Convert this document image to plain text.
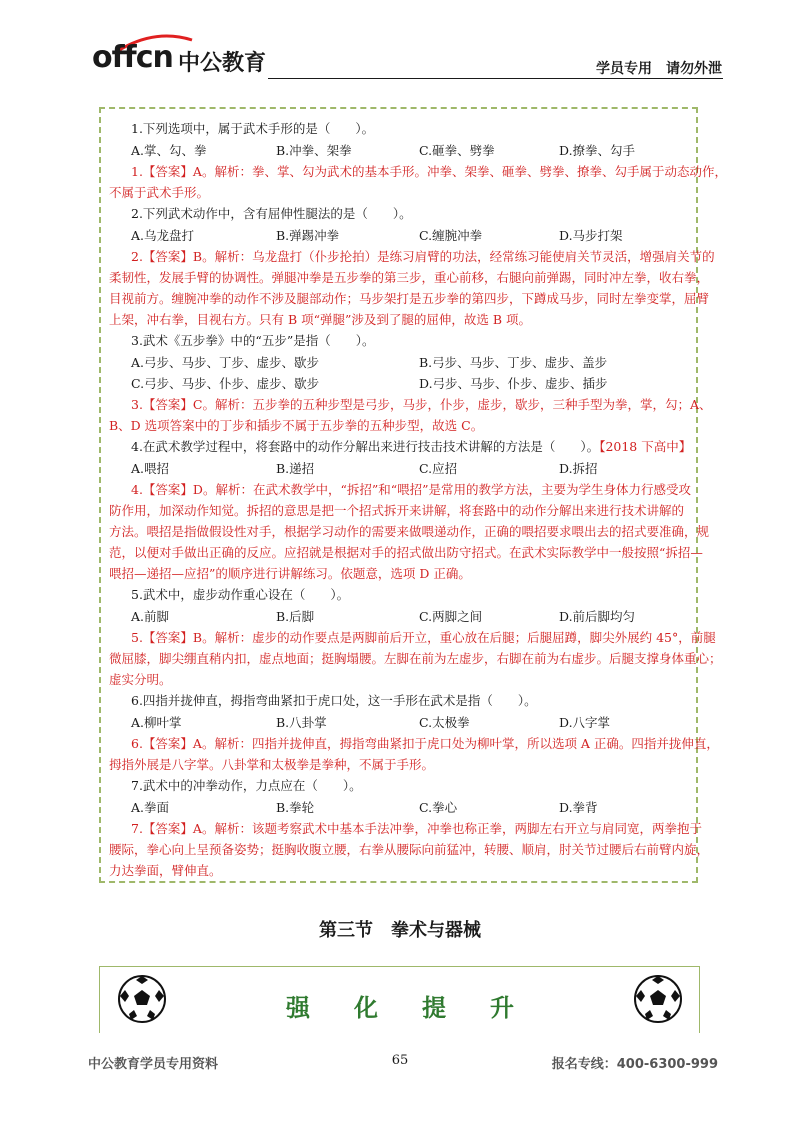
offcn 中公教育	学员专用　请勿外泄
1.下列选项中，属于武术手形的是（　　）。
A.掌、勾、拳	B.冲拳、架拳	C.砸拳、劈拳	D.撩拳、勾手
1.【答案】A。解析：拳、掌、勾为武术的基本手形。冲拳、架拳、砸拳、劈拳、撩拳、勾手属于动态动作，
不属于武术手形。
2.下列武术动作中，含有屈伸性腿法的是（　　）。
A.乌龙盘打	B.弹踢冲拳	C.缠腕冲拳	D.马步打架
2.【答案】B。解析：乌龙盘打（仆步抡拍）是练习肩臂的功法，经常练习能使肩关节灵活，增强肩关节的
柔韧性，发展手臂的协调性。弹腿冲拳是五步拳的第三步，重心前移，右腿向前弹踢，同时冲左拳，收右拳，
目视前方。缠腕冲拳的动作不涉及腿部动作；马步架打是五步拳的第四步，下蹲成马步，同时左拳变掌，屈臂
上架，冲右拳，目视右方。只有 B 项“弹腿”涉及到了腿的屈伸，故选 B 项。
3.武术《五步拳》中的“五步”是指（　　）。
A.弓步、马步、丁步、虚步、歇步	B.弓步、马步、丁步、虚步、盖步
C.弓步、马步、仆步、虚步、歇步	D.弓步、马步、仆步、虚步、插步
3.【答案】C。解析：五步拳的五种步型是弓步，马步，仆步，虚步，歇步，三种手型为拳，掌，勾；A、
B、D 选项答案中的丁步和插步不属于五步拳的五种步型，故选 C。
4.在武术教学过程中，将套路中的动作分解出来进行技击技术讲解的方法是（　　）。【2018 下高中】
A.喂招	B.递招	C.应招	D.拆招
4.【答案】D。解析：在武术教学中，“拆招”和“喂招”是常用的教学方法，主要为学生身体力行感受攻
防作用，加深动作知觉。拆招的意思是把一个招式拆开来讲解，将套路中的动作分解出来进行技术讲解的
方法。喂招是指做假设性对手，根据学习动作的需要来做喂递动作，正确的喂招要求喂出去的招式要准确，规
范，以便对手做出正确的反应。应招就是根据对手的招式做出防守招式。在武术实际教学中一般按照“拆招—
喂招—递招—应招”的顺序进行讲解练习。依题意，选项 D 正确。
5.武术中，虚步动作重心设在（　　）。
A.前脚	B.后脚	C.两脚之间	D.前后脚均匀
5.【答案】B。解析：虚步的动作要点是两脚前后开立，重心放在后腿；后腿屈蹲，脚尖外展约 45°，前腿
微屈膝，脚尖绷直稍内扣，虚点地面；挺胸塌腰。左脚在前为左虚步，右脚在前为右虚步。后腿支撑身体重心；
虚实分明。
6.四指并拢伸直，拇指弯曲紧扣于虎口处，这一手形在武术是指（　　）。
A.柳叶掌	B.八卦掌	C.太极拳	D.八字掌
6.【答案】A。解析：四指并拢伸直，拇指弯曲紧扣于虎口处为柳叶掌，所以选项 A 正确。四指并拢伸直，
拇指外展是八字掌。八卦掌和太极拳是拳种，不属于手形。
7.武术中的冲拳动作，力点应在（　　）。
A.拳面	B.拳轮	C.拳心	D.拳背
7.【答案】A。解析：该题考察武术中基本手法冲拳，冲拳也称正拳，两脚左右开立与肩同宽，两拳抱于
腰际，拳心向上呈预备姿势；挺胸收腹立腰，右拳从腰际向前猛冲，转腰、顺肩，肘关节过腰后右前臂内旋，
力达拳面，臂伸直。
第三节　拳术与器械
强化提升
中公教育学员专用资料	65	报名专线：400-6300-999
